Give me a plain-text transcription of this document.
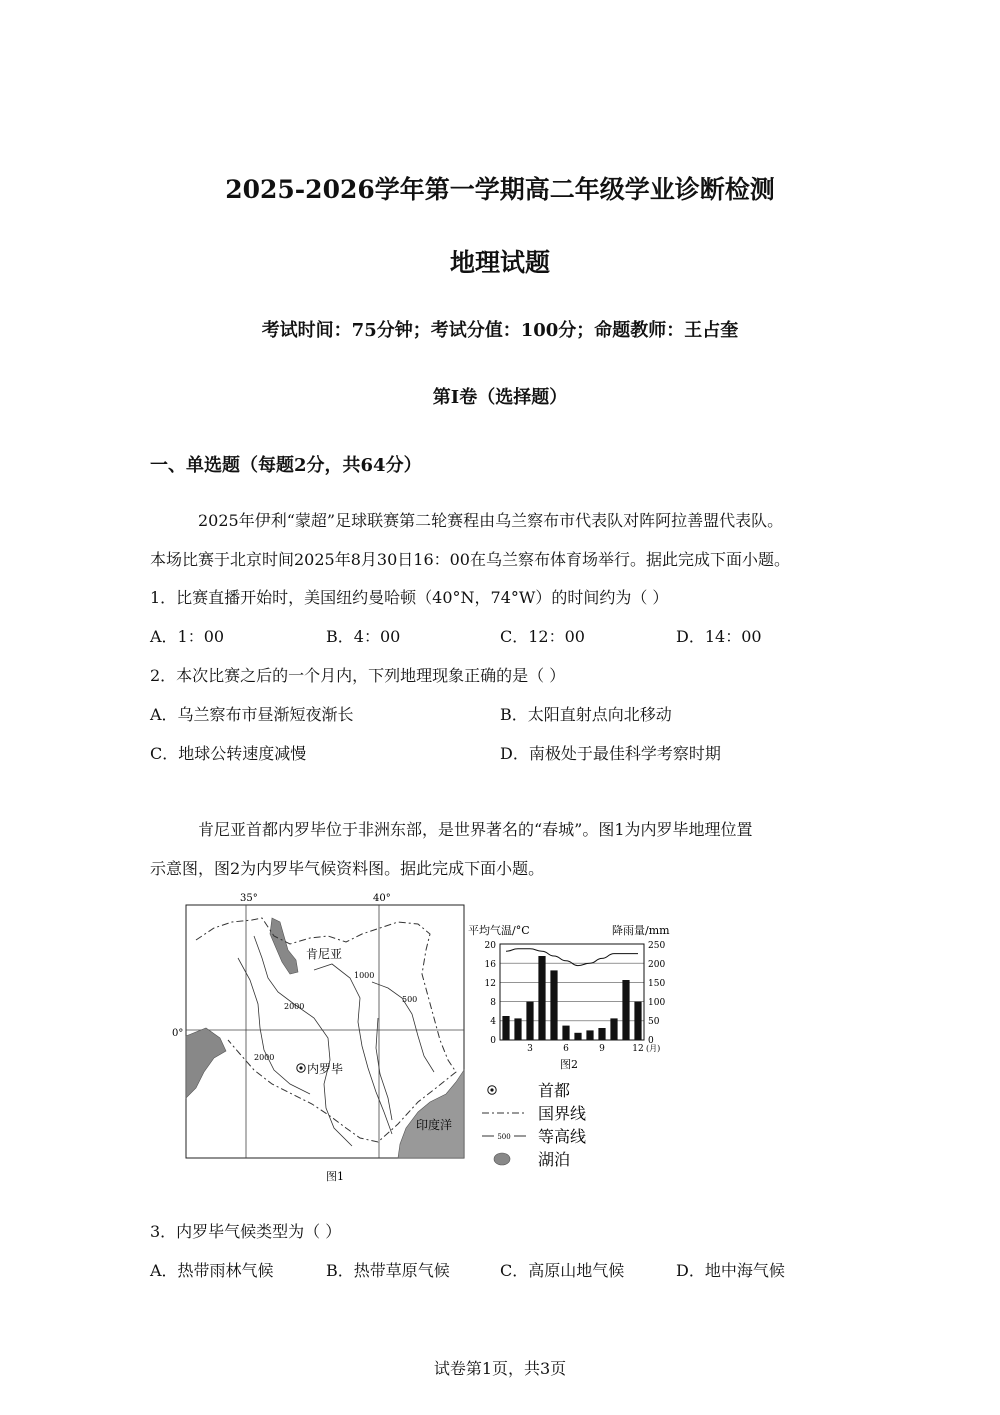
2025-2026学年第一学期高二年级学业诊断检测
地理试题
考试时间：75分钟；考试分值：100分；命题教师：王占奎
第I卷（选择题）
一、单选题（每题2分，共64分）
2025年伊利“蒙超”足球联赛第二轮赛程由乌兰察布市代表队对阵阿拉善盟代表队。
本场比赛于北京时间2025年8月30日16：00在乌兰察布体育场举行。据此完成下面小题。
1．比赛直播开始时，美国纽约曼哈顿（40°N，74°W）的时间约为（ ）
A．1：00	B．4：00	C．12：00	D．14：00
2．本次比赛之后的一个月内，下列地理现象正确的是（ ）
A．乌兰察布市昼渐短夜渐长	B．太阳直射点向北移动
C．地球公转速度减慢	D．南极处于最佳科学考察时期
肯尼亚首都内罗毕位于非洲东部，是世界著名的“春城”。图1为内罗毕地理位置
示意图，图2为内罗毕气候资料图。据此完成下面小题。
35°	40°
0°
肯尼亚
1000
500
2000
2000
内罗毕
印度洋
图1
平均气温/°C	降雨量/mm
20
16
12
8
4
0
250
200
150
100
50
0
3	6	9	12 (月)
图2
首都
国界线
500 等高线
湖泊
3．内罗毕气候类型为（ ）
A．热带雨林气候	B．热带草原气候	C．高原山地气候	D．地中海气候
试卷第1页，共3页
